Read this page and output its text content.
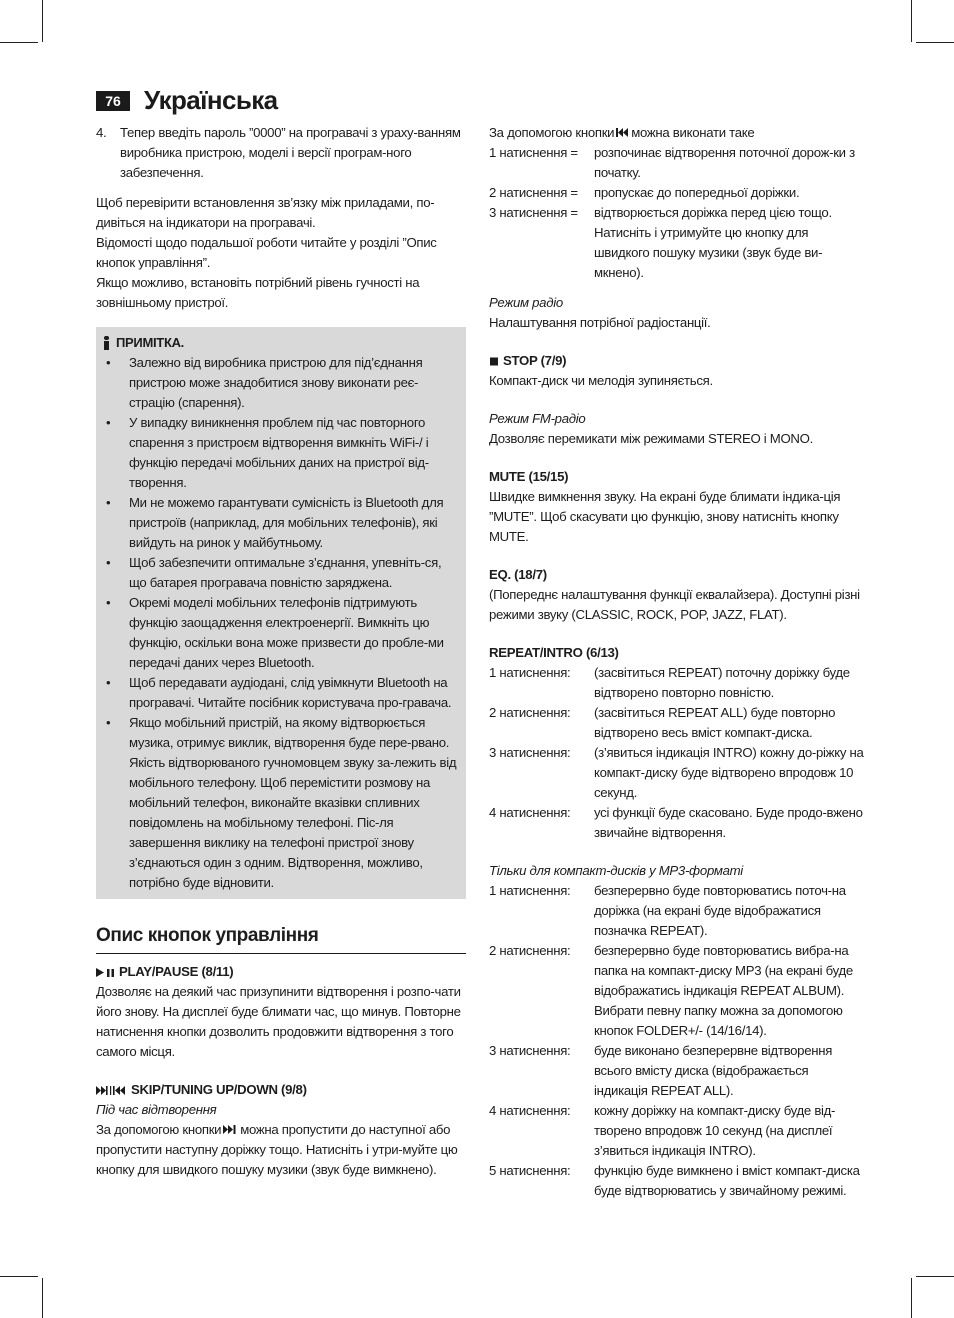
76 Українська
4.	Тепер введіть пароль ”0000” на програвачі з ураху-ванням виробника пристрою, моделі і версії програм-ного забезпечення.

Щоб перевірити встановлення зв’язку між приладами, по-дивіться на індикатори на програвачі.

Відомості щодо подальшої роботи читайте у розділі ”Опис кнопок управління”.

Якщо можливо, встановіть потрібний рівень гучності на зовнішньому пристрої.

ПРИМІТКА.
•	Залежно від виробника пристрою для під’єднання пристрою може знадобитися знову виконати реє-страцію (спарення).
•	У випадку виникнення проблем під час повторного спарення з пристроєм відтворення вимкніть WiFi-/ і функцію передачі мобільних даних на пристрої від-творення.
•	Ми не можемо гарантувати сумісність із Bluetooth для пристроїв (наприклад, для мобільних телефонів), які вийдуть на ринок у майбутньому.
•	Щоб забезпечити оптимальне з’єднання, упевніть-ся, що батарея програвача повністю заряджена.
•	Окремі моделі мобільних телефонів підтримують функцію заощадження електроенергії. Вимкніть цю функцію, оскільки вона може призвести до пробле-ми передачі даних через Bluetooth.
•	Щоб передавати аудіодані, слід увімкнути Bluetooth на програвачі. Читайте посібник користувача про-гравача.
•	Якщо мобільний пристрій, на якому відтворюється музика, отримує виклик, відтворення буде пере-рвано. Якість відтворюваного гучномовцем звуку за-лежить від мобільного телефону. Щоб перемістити розмову на мобільний телефон, виконайте вказівки спливних повідомлень на мобільному телефоні. Піс-ля завершення виклику на телефоні пристрої знову з’єднаються один з одним. Відтворення, можливо, потрібно буде відновити.
Опис кнопок управління
PLAY/PAUSE (8/11)

Дозволяє на деякий час призупинити відтворення і розпо-чати його знову. На дисплеї буде блимати час, що минув. Повторне натиснення кнопки дозволить продовжити відтворення з того самого місця.

SKIP/TUNING UP/DOWN (9/8)

Під час відтворення

За допомогою кнопки можна пропустити до наступної або пропустити наступну доріжку тощо. Натисніть і утри-муйте цю кнопку для швидкого пошуку музики (звук буде вимкнено).

За допомогою кнопки можна виконати таке

1 натиснення =	розпочинає відтворення поточної дорож-ки з початку.
2 натиснення =	пропускає до попередньої доріжки.
3 натиснення =	відтворюється доріжка перед цією тощо. Натисніть і утримуйте цю кнопку для швидкого пошуку музики (звук буде ви-мкнено).

Режим радіо

Налаштування потрібної радіостанції.

STOP (7/9)

Компакт-диск чи мелодія зупиняється.

Режим FM-радіо

Дозволяє перемикати між режимами STEREO і MONO.

MUTE (15/15)

Швидке вимкнення звуку. На екрані буде блимати індика-ція ”MUTE”. Щоб скасувати цю функцію, знову натисніть кнопку MUTE.

EQ. (18/7)

(Попереднє налаштування функції еквалайзера). Доступні різні режими звуку (CLASSIC, ROCK, POP, JAZZ, FLAT).

REPEAT/INTRO (6/13)
1 натиснення:	(засвітиться REPEAT) поточну доріжку буде відтворено повторно повністю.
2 натиснення:	(засвітиться REPEAT ALL) буде повторно відтворено весь вміст компакт-диска.
3 натиснення:	(з’явиться індикація INTRO) кожну до-ріжку на компакт-диску буде відтворено впродовж 10 секунд.
4 натиснення:	усі функції буде скасовано. Буде продо-вжено звичайне відтворення.

Тільки для компакт-дисків у MP3-форматі

1 натиснення:	безперервно буде повторюватись поточ-на доріжка (на екрані буде відображатися позначка REPEAT).
2 натиснення:	безперервно буде повторюватись вибра-на папка на компакт-диску MP3 (на екрані буде відображатись індикація REPEAT ALBUM). Вибрати певну папку можна за допомогою кнопок FOLDER+/- (14/16/14).
3 натиснення:	буде виконано безперервне відтворення всього вмісту диска (відображається індикація REPEAT ALL).
4 натиснення:	кожну доріжку на компакт-диску буде від-творено впродовж 10 секунд (на дисплеї з’явиться індикація INTRO).
5 натиснення:	функцію буде вимкнено і вміст компакт-диска буде відтворюватись у звичайному режимі.
